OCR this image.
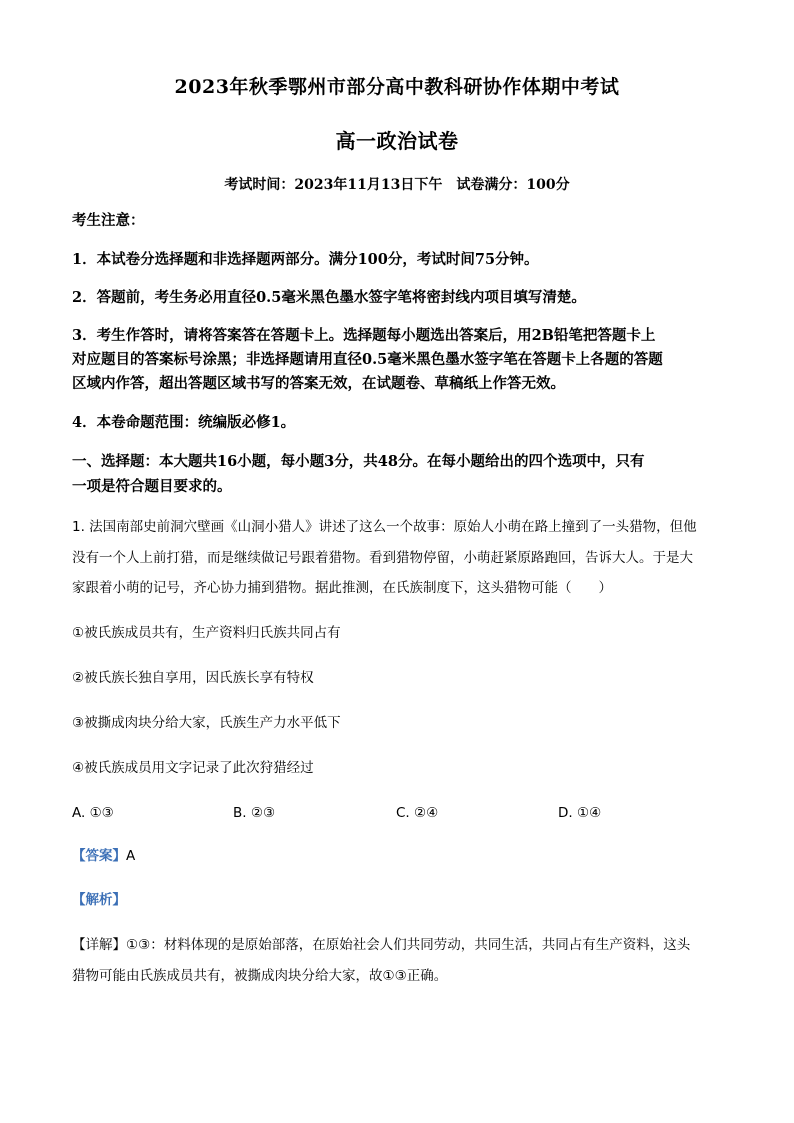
2023年秋季鄂州市部分高中教科研协作体期中考试
高一政治试卷
考试时间：2023年11月13日下午　试卷满分：100分
考生注意：
1．本试卷分选择题和非选择题两部分。满分100分，考试时间75分钟。
2．答题前，考生务必用直径0.5毫米黑色墨水签字笔将密封线内项目填写清楚。
3．考生作答时，请将答案答在答题卡上。选择题每小题选出答案后，用2B铅笔把答题卡上
对应题目的答案标号涂黑；非选择题请用直径0.5毫米黑色墨水签字笔在答题卡上各题的答题
区域内作答，超出答题区域书写的答案无效，在试题卷、草稿纸上作答无效。
4．本卷命题范围：统编版必修1。
一、选择题：本大题共16小题，每小题3分，共48分。在每小题给出的四个选项中，只有
一项是符合题目要求的。
1. 法国南部史前洞穴壁画《山洞小猎人》讲述了这么一个故事：原始人小萌在路上撞到了一头猎物，但他
没有一个人上前打猎，而是继续做记号跟着猎物。看到猎物停留，小萌赶紧原路跑回，告诉大人。于是大
家跟着小萌的记号，齐心协力捕到猎物。据此推测，在氏族制度下，这头猎物可能（　　）
①被氏族成员共有，生产资料归氏族共同占有
②被氏族长独自享用，因氏族长享有特权
③被撕成肉块分给大家，氏族生产力水平低下
④被氏族成员用文字记录了此次狩猎经过
A. ①③	B. ②③	C. ②④	D. ①④
【答案】A
【解析】
【详解】①③：材料体现的是原始部落，在原始社会人们共同劳动，共同生活，共同占有生产资料，这头
猎物可能由氏族成员共有，被撕成肉块分给大家，故①③正确。
